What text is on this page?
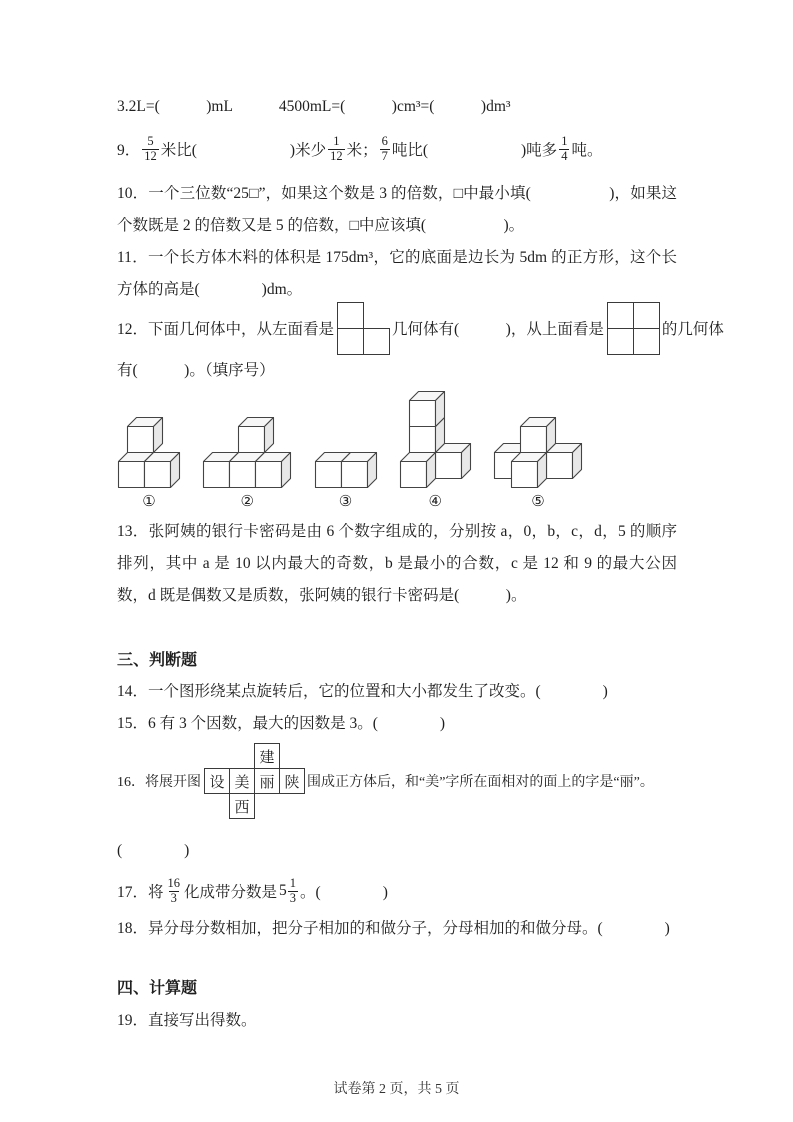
3.2L=(　　　)mL　　　4500mL=(　　　)cm³=(　　　)dm³

9． $\frac{5}{12}$ 米比(　　　　　　)米少 $\frac{1}{12}$ 米； $\frac{6}{7}$ 吨比(　　　　　　)吨多 $\frac{1}{4}$ 吨。

10．一个三位数“25□”，如果这个数是 3 的倍数，□中最小填(　　　　　)，如果这个数既是 2 的倍数又是 5 的倍数，□中应该填(　　　　　)。

11．一个长方体木料的体积是 175dm³，它的底面是边长为 5dm 的正方形，这个长方体的高是(　　　　)dm。

12．下面几何体中，从左面看是	几何体有(　　　)，从上面看是	的几何体

有(　　　)。（填序号）

①	②	③	④	⑤

13．张阿姨的银行卡密码是由 6 个数字组成的，分别按 a，0，b，c，d，5 的顺序排列，其中 a 是 10 以内最大的奇数，b 是最小的合数，c 是 12 和 9 的最大公因数，d 既是偶数又是质数，张阿姨的银行卡密码是(　　　)。

三、判断题

14．一个图形绕某点旋转后，它的位置和大小都发生了改变。(　　　　)

15．6 有 3 个因数，最大的因数是 3。(　　　　)

16．将展开图
建
设 美 丽 陕
西
围成正方体后，和“美”字所在面相对的面上的字是“丽”。

(　　　　)

17．将 $\frac{16}{3}$ 化成带分数是 $5 \frac{1}{3}$ 。(　　　　)

18．异分母分数相加，把分子相加的和做分子，分母相加的和做分母。(　　　　)

四、计算题

19．直接写出得数。

试卷第 2 页，共 5 页
